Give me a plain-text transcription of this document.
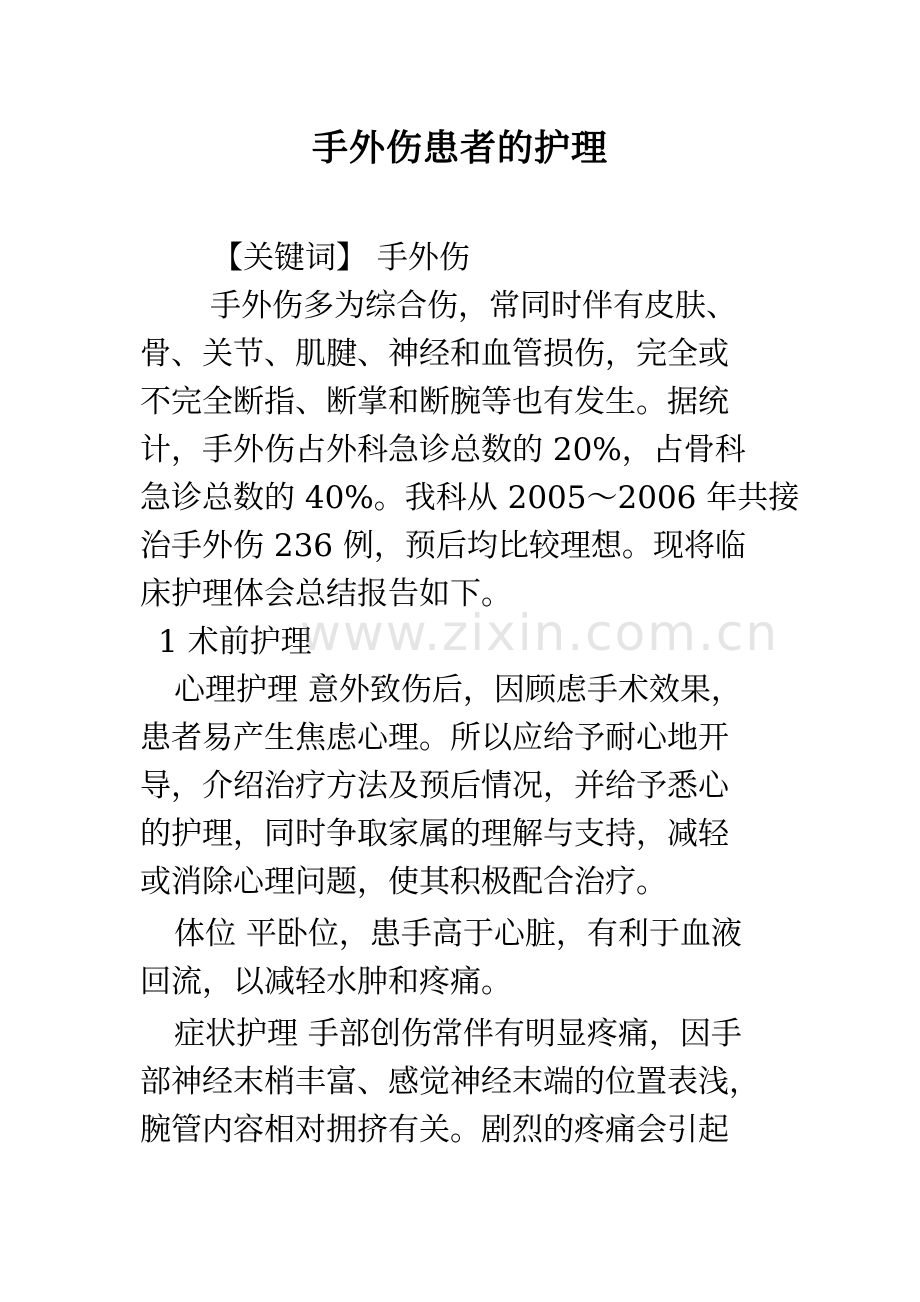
手外伤患者的护理
【关键词】 手外伤
手外伤多为综合伤，常同时伴有皮肤、
骨、关节、肌腱、神经和血管损伤，完全或
不完全断指、断掌和断腕等也有发生。据统
计，手外伤占外科急诊总数的 20%，占骨科
急诊总数的 40%。我科从 2005～2006 年共接
治手外伤 236 例，预后均比较理想。现将临
床护理体会总结报告如下。
1 术前护理
心理护理 意外致伤后，因顾虑手术效果，
患者易产生焦虑心理。所以应给予耐心地开
导，介绍治疗方法及预后情况，并给予悉心
的护理，同时争取家属的理解与支持，减轻
或消除心理问题，使其积极配合治疗。
体位 平卧位，患手高于心脏，有利于血液
回流，以减轻水肿和疼痛。
症状护理 手部创伤常伴有明显疼痛，因手
部神经末梢丰富、感觉神经末端的位置表浅，
腕管内容相对拥挤有关。剧烈的疼痛会引起
www.zixin.com.cn
